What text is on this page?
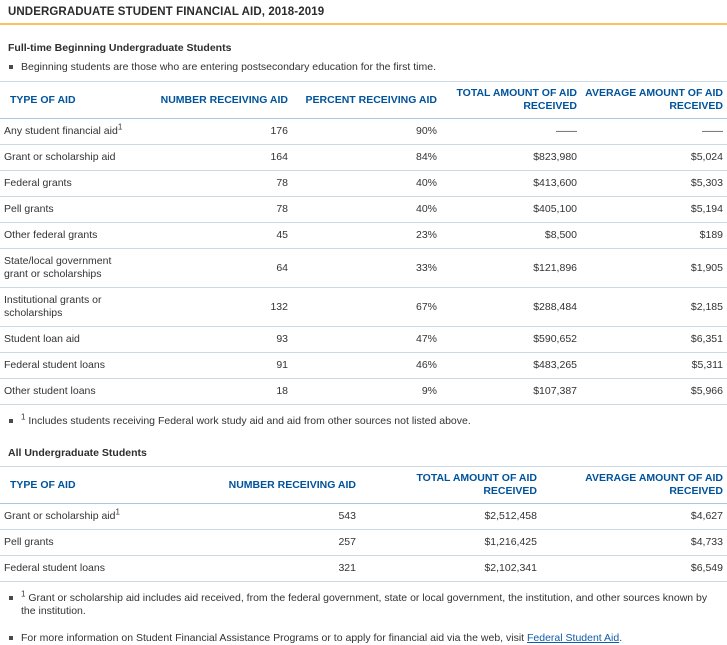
UNDERGRADUATE STUDENT FINANCIAL AID, 2018-2019
Full-time Beginning Undergraduate Students
Beginning students are those who are entering postsecondary education for the first time.
TYPE OF AID	NUMBER RECEIVING AID	PERCENT RECEIVING AID	TOTAL AMOUNT OF AID RECEIVED	AVERAGE AMOUNT OF AID RECEIVED
Any student financial aid$^1$	176	90%	——	——
Grant or scholarship aid	164	84%	$823,980	$5,024
Federal grants	78	40%	$413,600	$5,303
Pell grants	78	40%	$405,100	$5,194
Other federal grants	45	23%	$8,500	$189
State/local government grant or scholarships	64	33%	$121,896	$1,905
Institutional grants or scholarships	132	67%	$288,484	$2,185
Student loan aid	93	47%	$590,652	$6,351
Federal student loans	91	46%	$483,265	$5,311
Other student loans	18	9%	$107,387	$5,966
$^1$ Includes students receiving Federal work study aid and aid from other sources not listed above.
All Undergraduate Students
TYPE OF AID	NUMBER RECEIVING AID	TOTAL AMOUNT OF AID RECEIVED	AVERAGE AMOUNT OF AID RECEIVED
Grant or scholarship aid$^1$	543	$2,512,458	$4,627
Pell grants	257	$1,216,425	$4,733
Federal student loans	321	$2,102,341	$6,549
$^1$ Grant or scholarship aid includes aid received, from the federal government, state or local government, the institution, and other sources known by the institution.
For more information on Student Financial Assistance Programs or to apply for financial aid via the web, visit Federal Student Aid.
